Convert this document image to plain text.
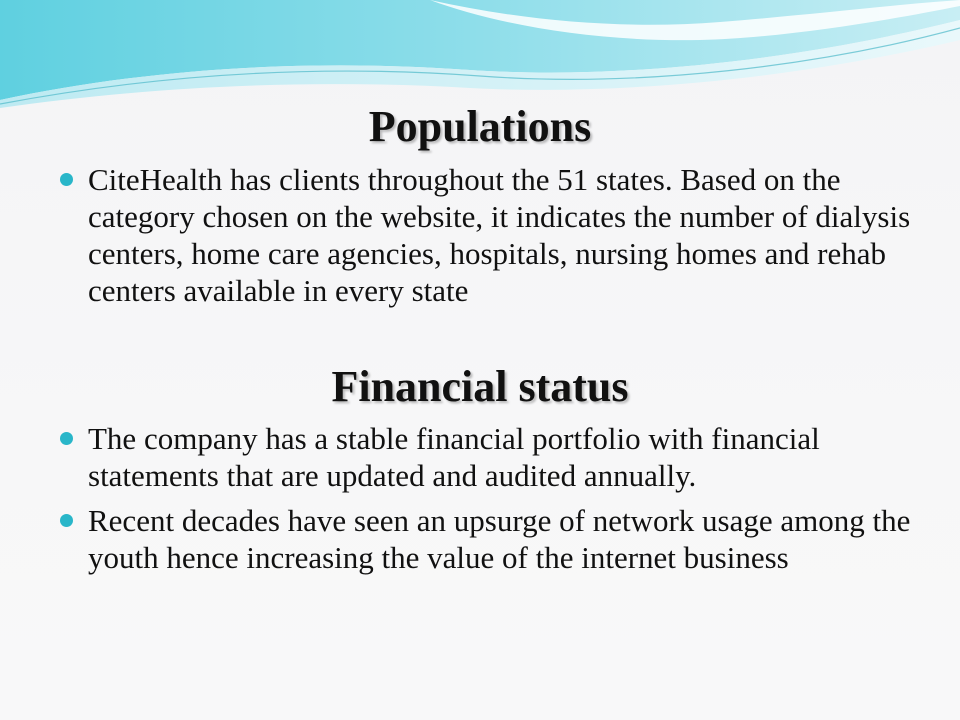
Populations
CiteHealth has clients throughout the 51 states. Based on the category chosen on the website, it indicates the number of dialysis centers, home care agencies, hospitals, nursing homes and rehab centers available in every state
Financial status
The company has a stable financial portfolio with financial statements that are updated and audited annually.
Recent decades have seen an upsurge of network usage among the youth hence increasing the value of the internet business
